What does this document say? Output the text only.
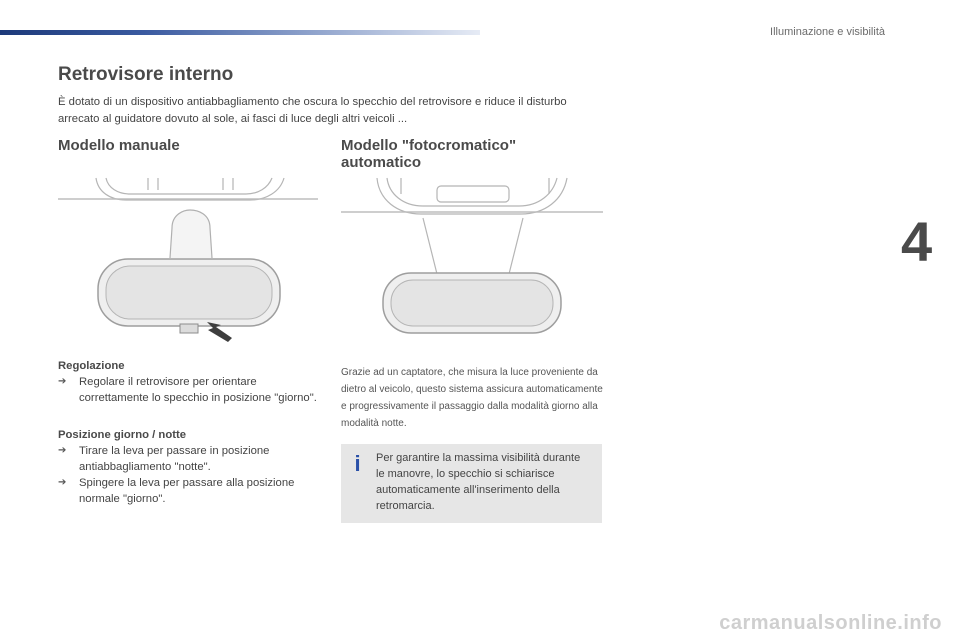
Illuminazione e visibilità
Retrovisore interno
È dotato di un dispositivo antiabbagliamento che oscura lo specchio del retrovisore e riduce il disturbo arrecato al guidatore dovuto al sole, ai fasci di luce degli altri veicoli ...
Modello manuale	Modello "fotocromatico" automatico
Regolazione
➔ Regolare il retrovisore per orientare correttamente lo specchio in posizione "giorno".
Posizione giorno / notte
➔ Tirare la leva per passare in posizione antiabbagliamento "notte".
➔ Spingere la leva per passare alla posizione normale "giorno".
Grazie ad un captatore, che misura la luce proveniente da dietro al veicolo, questo sistema assicura automaticamente e progressivamente il passaggio dalla modalità giorno alla modalità notte.
i Per garantire la massima visibilità durante le manovre, lo specchio si schiarisce automaticamente all'inserimento della retromarcia.
4
carmanualsonline.info
